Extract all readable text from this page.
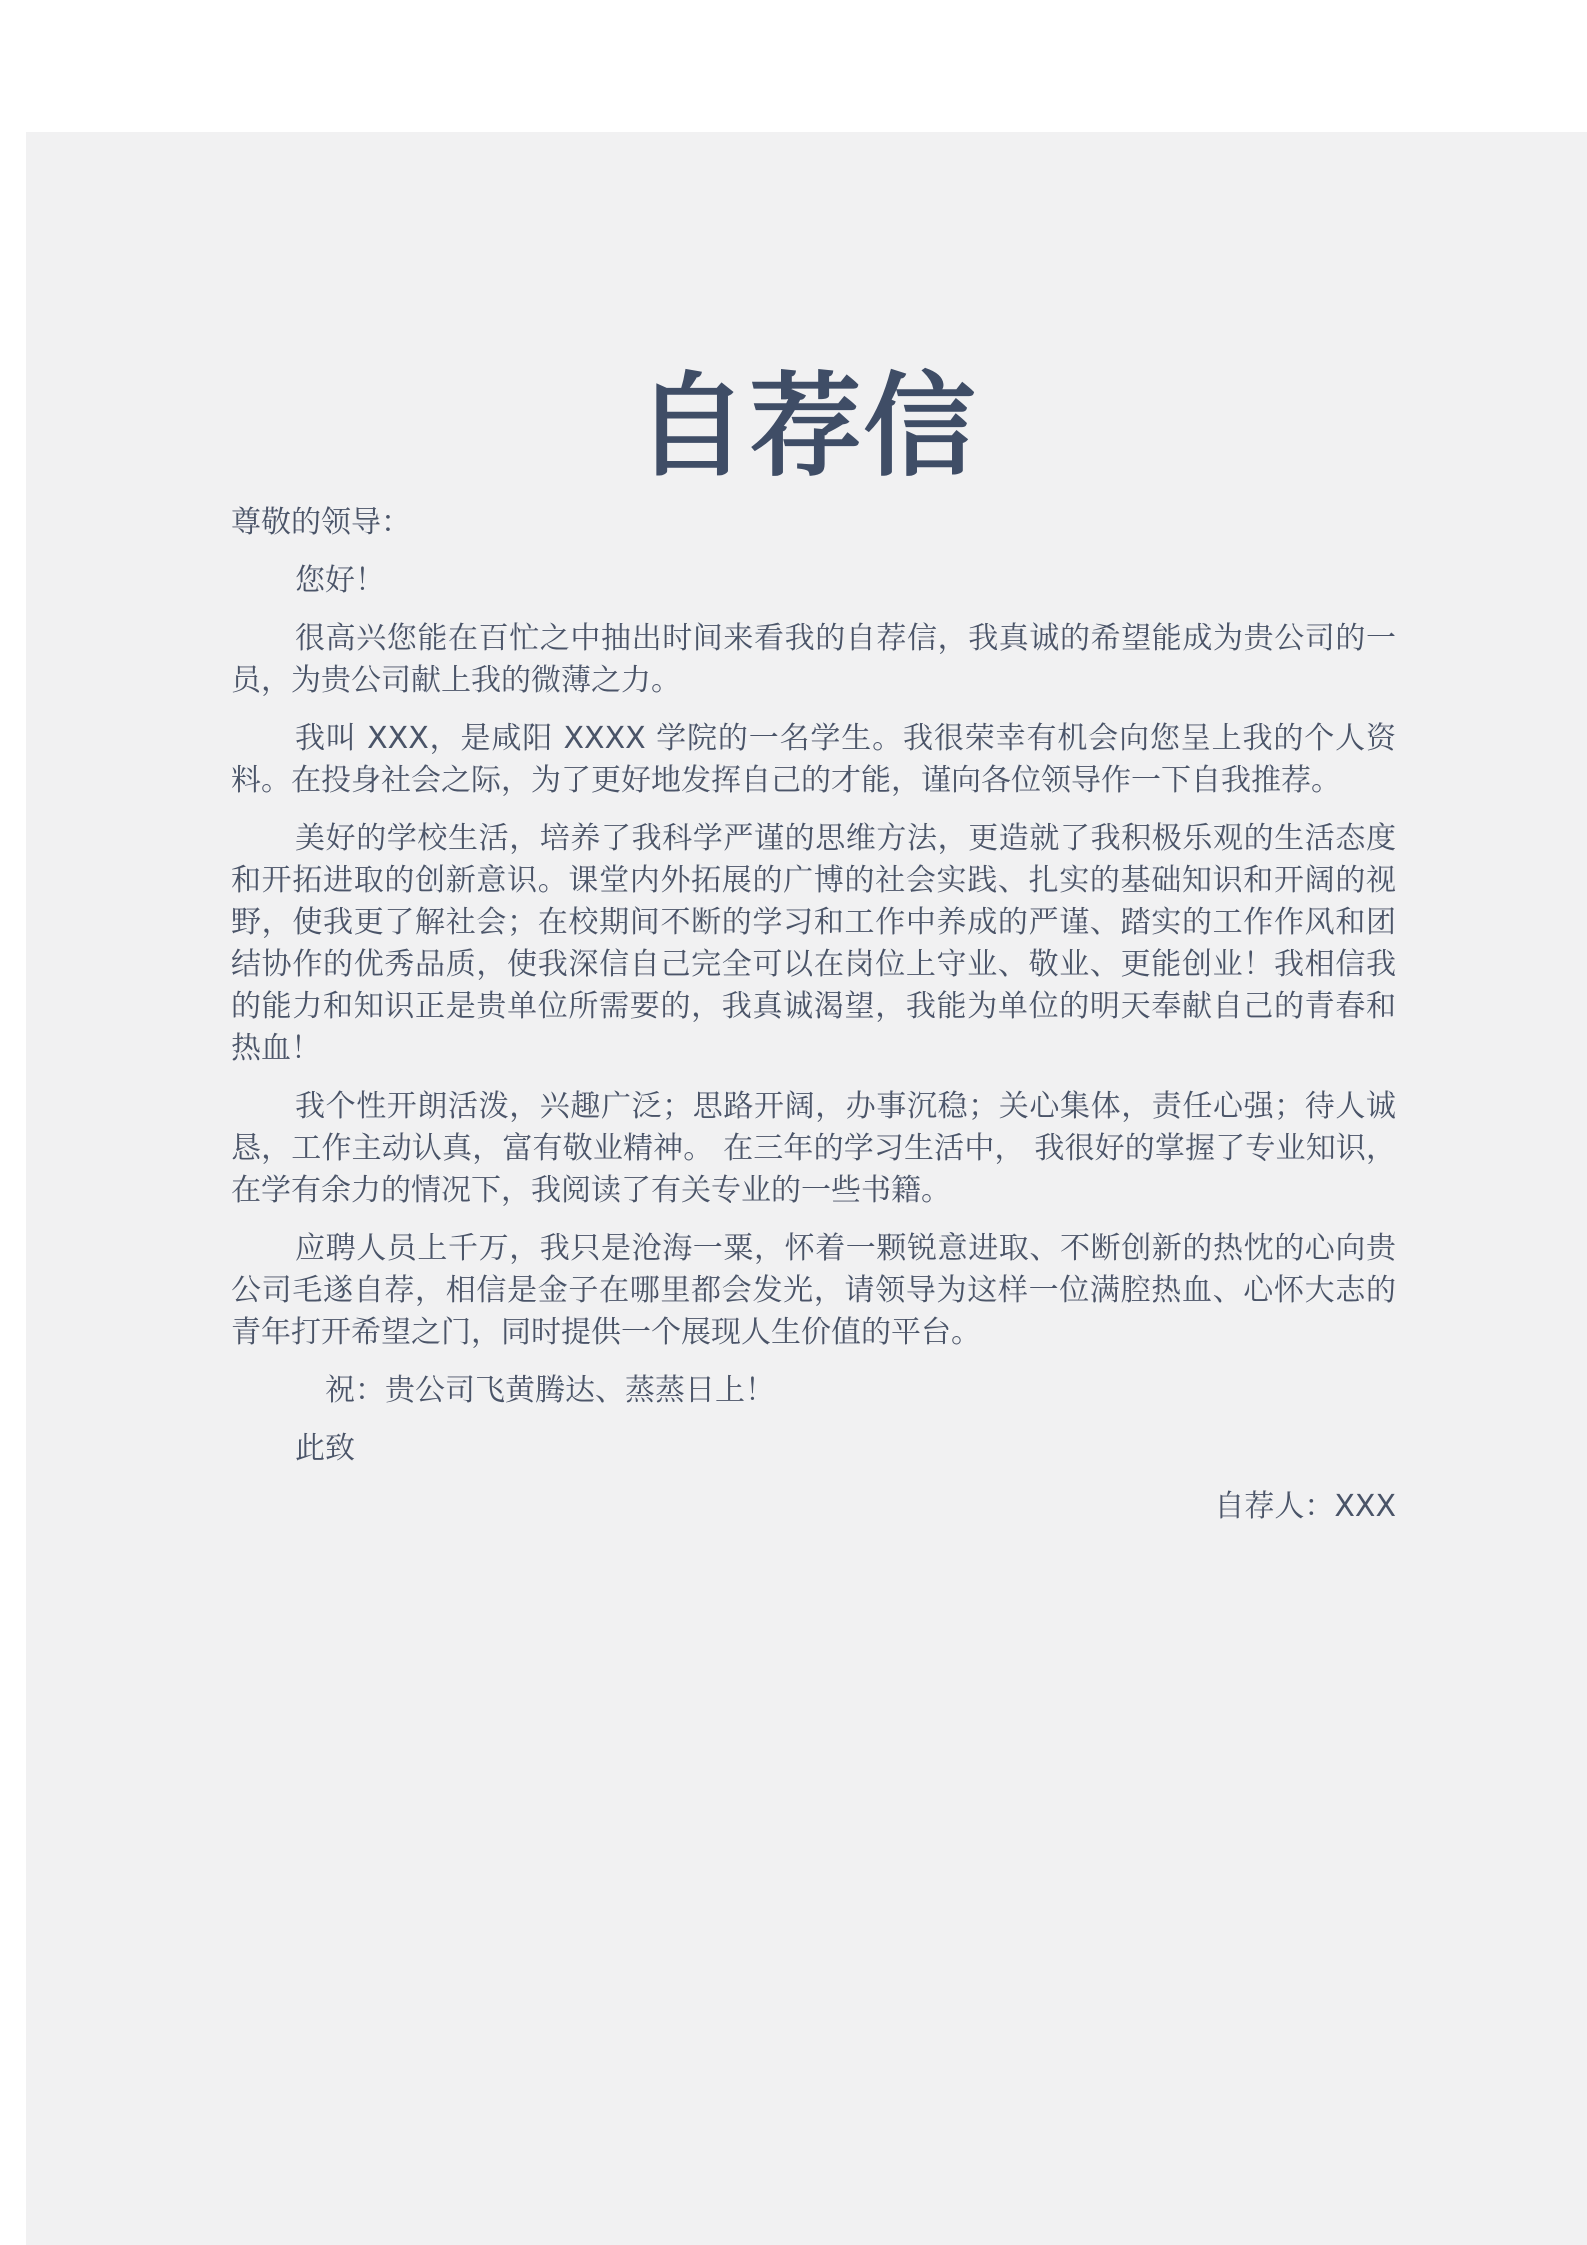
自荐信

尊敬的领导：

您好！

很高兴您能在百忙之中抽出时间来看我的自荐信，我真诚的希望能成为贵公司的一员，为贵公司献上我的微薄之力。

我叫 XXX，是咸阳 XXXX 学院的一名学生。我很荣幸有机会向您呈上我的个人资料。在投身社会之际，为了更好地发挥自己的才能，谨向各位领导作一下自我推荐。

美好的学校生活，培养了我科学严谨的思维方法，更造就了我积极乐观的生活态度和开拓进取的创新意识。课堂内外拓展的广博的社会实践、扎实的基础知识和开阔的视野，使我更了解社会；在校期间不断的学习和工作中养成的严谨、踏实的工作作风和团结协作的优秀品质，使我深信自己完全可以在岗位上守业、敬业、更能创业！我相信我的能力和知识正是贵单位所需要的，我真诚渴望，我能为单位的明天奉献自己的青春和热血！

我个性开朗活泼，兴趣广泛；思路开阔，办事沉稳；关心集体，责任心强；待人诚恳，工作主动认真，富有敬业精神。 在三年的学习生活中， 我很好的掌握了专业知识，在学有余力的情况下，我阅读了有关专业的一些书籍。

应聘人员上千万，我只是沧海一粟，怀着一颗锐意进取、不断创新的热忱的心向贵公司毛遂自荐，相信是金子在哪里都会发光，请领导为这样一位满腔热血、心怀大志的青年打开希望之门，同时提供一个展现人生价值的平台。

祝：贵公司飞黄腾达、蒸蒸日上！

此致

自荐人：XXX
